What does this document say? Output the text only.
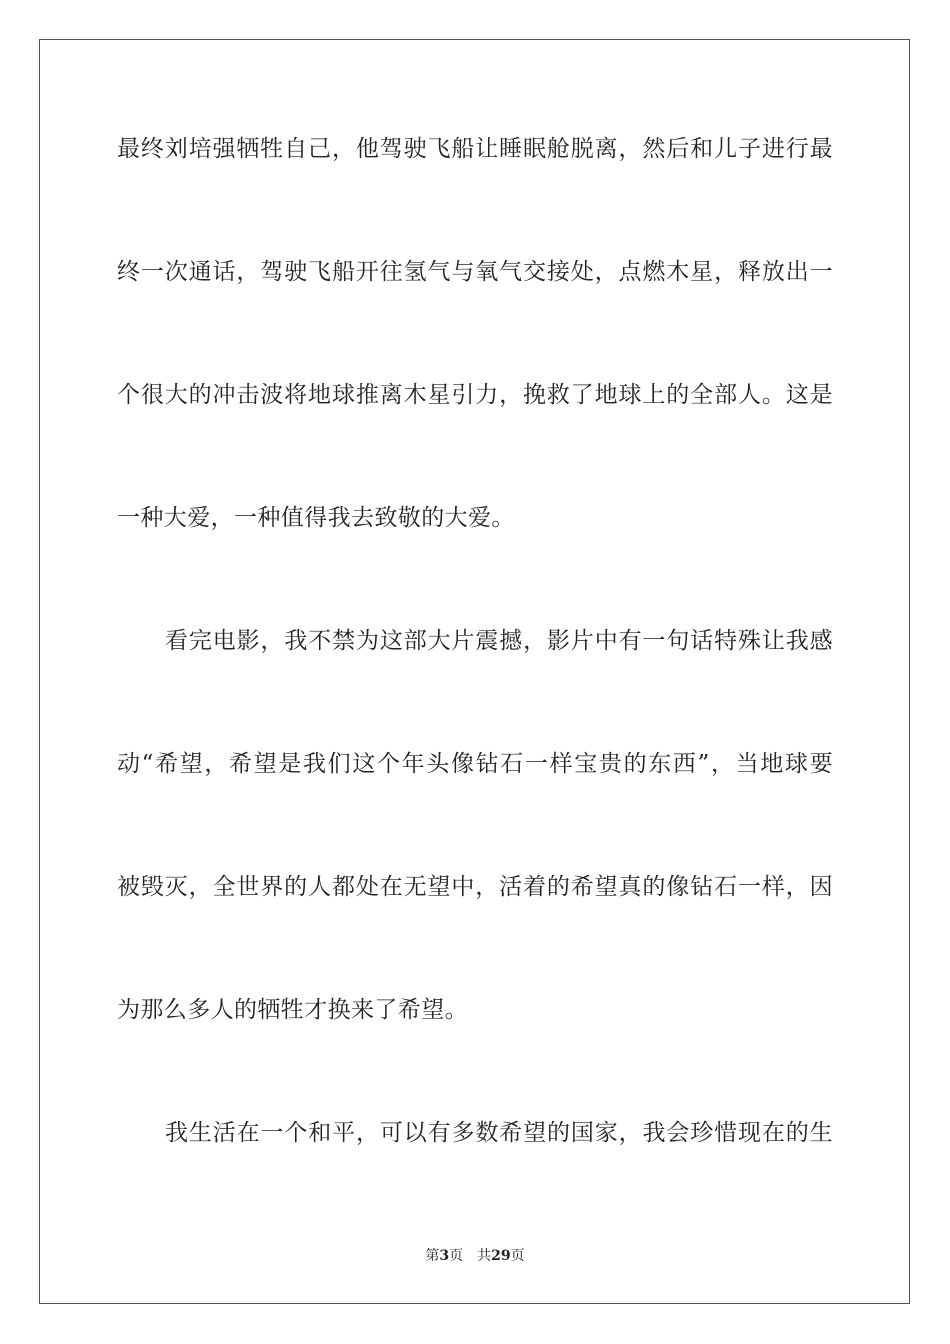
最终刘培强牺牲自己，他驾驶飞船让睡眠舱脱离，然后和儿子进行最
终一次通话，驾驶飞船开往氢气与氧气交接处，点燃木星，释放出一
个很大的冲击波将地球推离木星引力，挽救了地球上的全部人。这是
一种大爱，一种值得我去致敬的大爱。
看完电影，我不禁为这部大片震撼，影片中有一句话特殊让我感
动“希望，希望是我们这个年头像钻石一样宝贵的东西”，当地球要
被毁灭，全世界的人都处在无望中，活着的希望真的像钻石一样，因
为那么多人的牺牲才换来了希望。
我生活在一个和平，可以有多数希望的国家，我会珍惜现在的生
第3页 共29页
